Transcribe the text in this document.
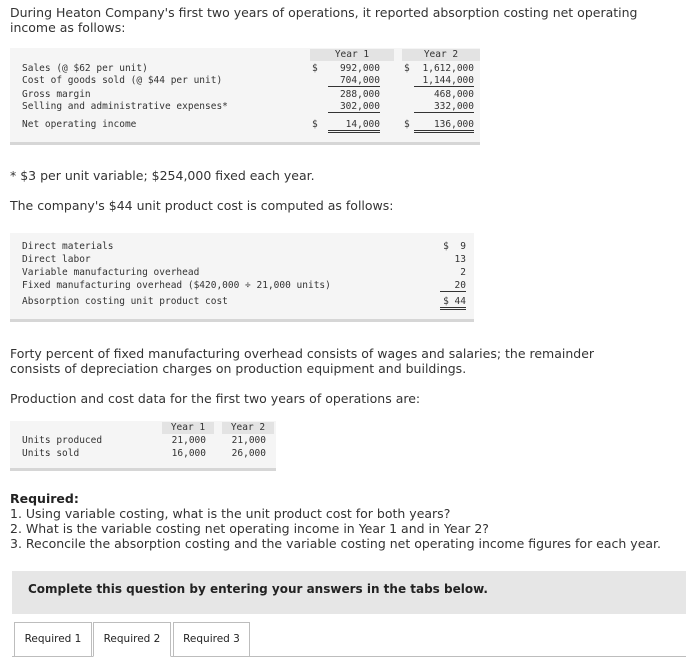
During Heaton Company's first two years of operations, it reported absorption costing net operating income as follows:
Year 1	Year 2
Sales (@ $62 per unit)	$	992,000	$	1,612,000
Cost of goods sold (@ $44 per unit)	704,000	1,144,000
Gross margin	288,000	468,000
Selling and administrative expenses*	302,000	332,000
Net operating income	$	14,000	$	136,000
* $3 per unit variable; $254,000 fixed each year.
The company's $44 unit product cost is computed as follows:
Direct materials	$  9
Direct labor	13
Variable manufacturing overhead	2
Fixed manufacturing overhead ($420,000 ÷ 21,000 units)	20
Absorption costing unit product cost	$ 44
Forty percent of fixed manufacturing overhead consists of wages and salaries; the remainder consists of depreciation charges on production equipment and buildings.
Production and cost data for the first two years of operations are:
Year 1	Year 2
Units produced	21,000	21,000
Units sold	16,000	26,000
Required:
1. Using variable costing, what is the unit product cost for both years?
2. What is the variable costing net operating income in Year 1 and in Year 2?
3. Reconcile the absorption costing and the variable costing net operating income figures for each year.
Complete this question by entering your answers in the tabs below.
Required 1	Required 2	Required 3
